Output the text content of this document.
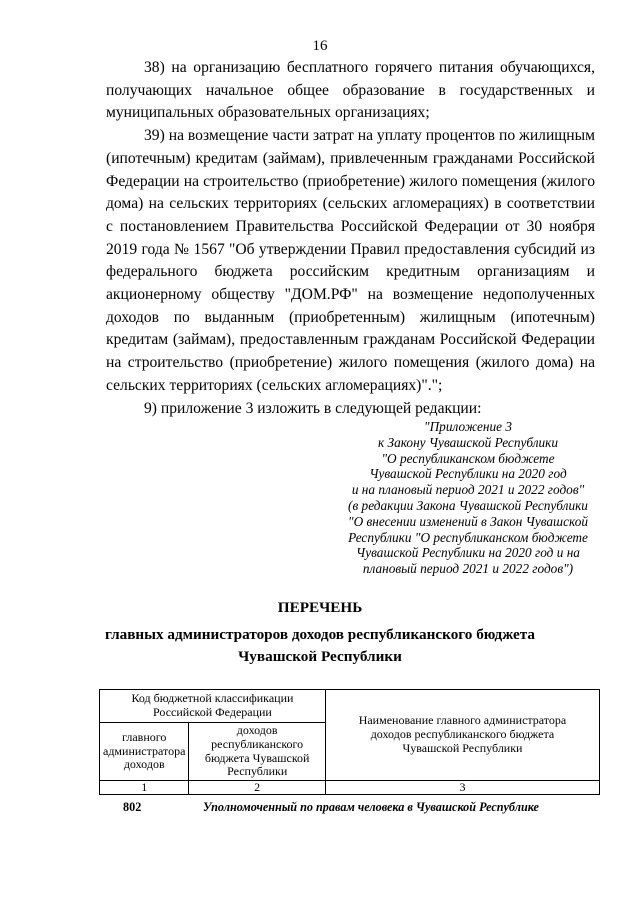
16

38) на организацию бесплатного горячего питания обучающихся, получающих начальное общее образование в государственных и муниципальных образовательных организациях;

39) на возмещение части затрат на уплату процентов по жилищным (ипотечным) кредитам (займам), привлеченным гражданами Российской Федерации на строительство (приобретение) жилого помещения (жилого дома) на сельских территориях (сельских агломерациях) в соответствии с постановлением Правительства Российской Федерации от 30 ноября 2019 года № 1567 "Об утверждении Правил предоставления субсидий из федерального бюджета российским кредитным организациям и акционерному обществу "ДОМ.РФ" на возмещение недополученных доходов по выданным (приобретенным) жилищным (ипотечным) кредитам (займам), предоставленным гражданам Российской Федерации на строительство (приобретение) жилого помещения (жилого дома) на сельских территориях (сельских агломерациях)".";

9) приложение 3 изложить в следующей редакции:

"Приложение 3
к Закону Чувашской Республики
"О республиканском бюджете
Чувашской Республики на 2020 год
и на плановый период 2021 и 2022 годов"
(в редакции Закона Чувашской Республики
"О внесении изменений в Закон Чувашской
Республики "О республиканском бюджете
Чувашской Республики на 2020 год и на
плановый период 2021 и 2022 годов")
ПЕРЕЧЕНЬ
главных администраторов доходов республиканского бюджета
Чувашской Республики
Код бюджетной классификации Российской Федерации		Наименование главного администратора доходов республиканского бюджета Чувашской Республики
главного администратора доходов	доходов республиканского бюджета Чувашской Республики	
1	2	3
802	Уполномоченный по правам человека в Чувашской Республике
